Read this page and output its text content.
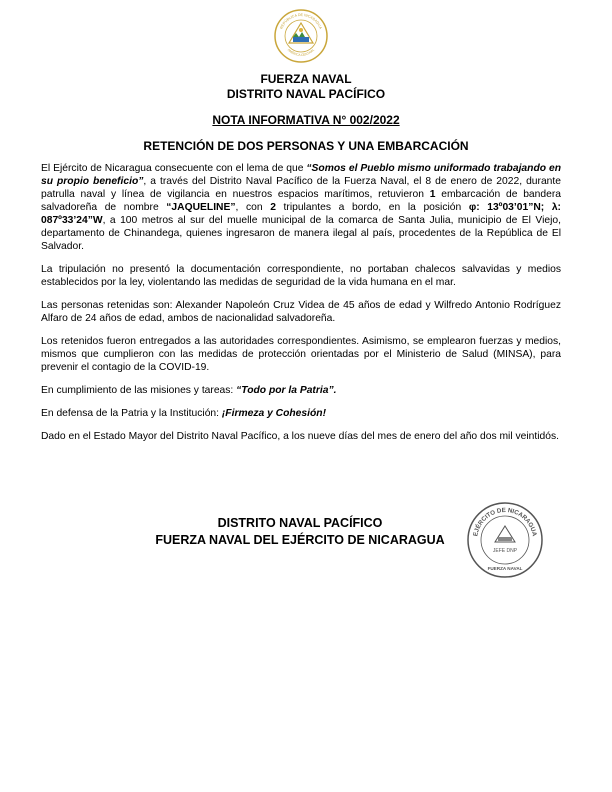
REPÚBLICA DE NICARAGUA
AMÉRICA CENTRAL
FUERZA NAVAL
DISTRITO NAVAL PACÍFICO
NOTA INFORMATIVA N° 002/2022
RETENCIÓN DE DOS PERSONAS Y UNA EMBARCACIÓN

El Ejército de Nicaragua consecuente con el lema de que “Somos el Pueblo mismo uniformado trabajando en su propio beneficio”, a través del Distrito Naval Pacífico de la Fuerza Naval, el 8 de enero de 2022, durante patrulla naval y línea de vigilancia en nuestros espacios marítimos, retuvieron 1 embarcación de bandera salvadoreña de nombre “JAQUELINE”, con 2 tripulantes a bordo, en la posición φ: 13º03’01”N; λ: 087º33’24”W, a 100 metros al sur del muelle municipal de la comarca de Santa Julia, municipio de El Viejo, departamento de Chinandega, quienes ingresaron de manera ilegal al país, procedentes de la República de El Salvador.

La tripulación no presentó la documentación correspondiente, no portaban chalecos salvavidas y medios establecidos por la ley, violentando las medidas de seguridad de la vida humana en el mar.

Las personas retenidas son: Alexander Napoleón Cruz Videa de 45 años de edad y Wilfredo Antonio Rodríguez Alfaro de 24 años de edad, ambos de nacionalidad salvadoreña.

Los retenidos fueron entregados a las autoridades correspondientes. Asimismo, se emplearon fuerzas y medios, mismos que cumplieron con las medidas de protección orientadas por el Ministerio de Salud (MINSA), para prevenir el contagio de la COVID-19.

En cumplimiento de las misiones y tareas: “Todo por la Patria”.

En defensa de la Patria y la Institución: ¡Firmeza y Cohesión!

Dado en el Estado Mayor del Distrito Naval Pacífico, a los nueve días del mes de enero del año dos mil veintidós.

DISTRITO NAVAL PACÍFICO
FUERZA NAVAL DEL EJÉRCITO DE NICARAGUA	EJÉRCITO DE NICARAGUA
JEFE DNP
FUERZA NAVAL
